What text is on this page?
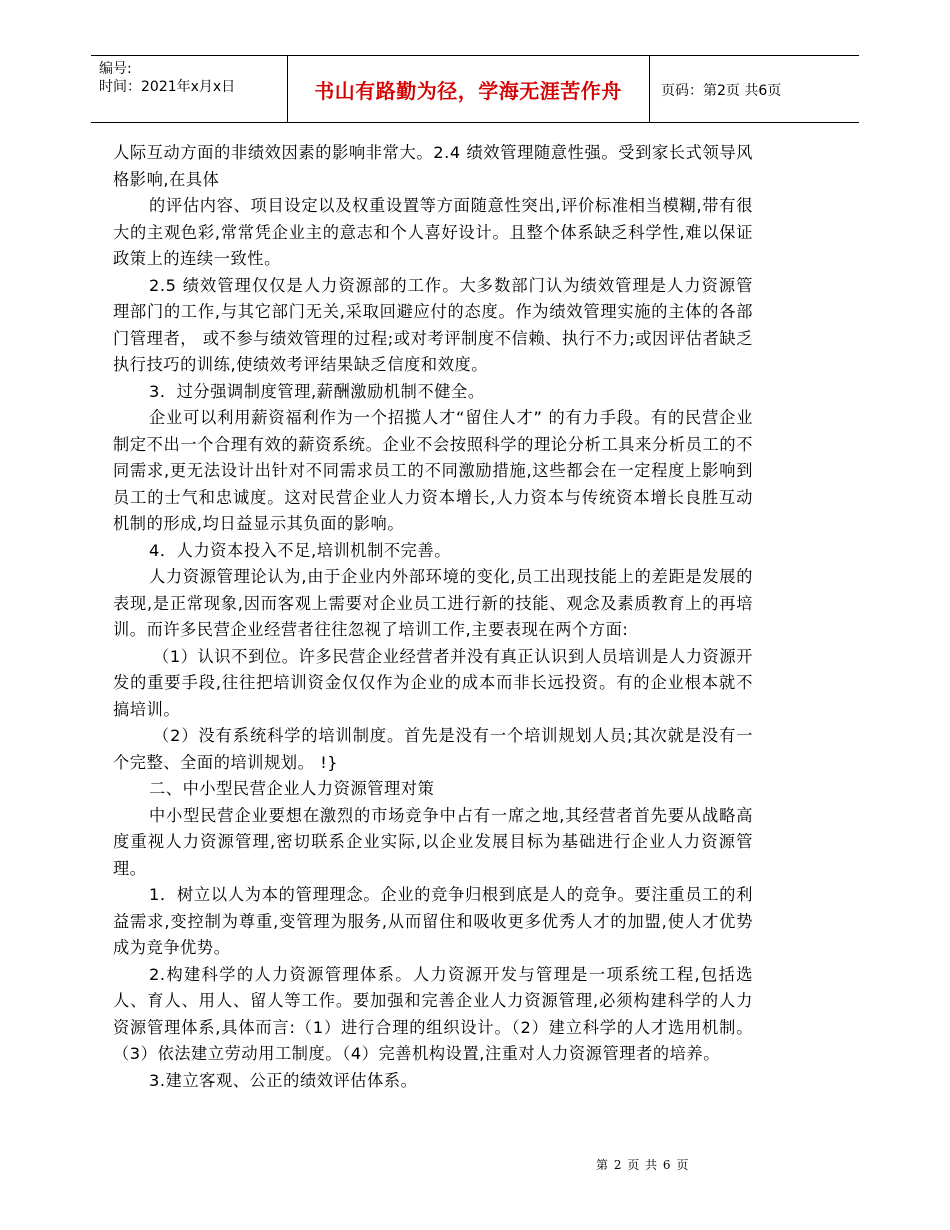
编号:
时间：2021年x月x日	书山有路勤为径，学海无涯苦作舟	页码：第2页 共6页

人际互动方面的非绩效因素的影响非常大。2.4 绩效管理随意性强。受到家长式领导风格影响,在具体

的评估内容、项目设定以及权重设置等方面随意性突出,评价标准相当模糊,带有很大的主观色彩,常常凭企业主的意志和个人喜好设计。且整个体系缺乏科学性,难以保证政策上的连续一致性。

2.5 绩效管理仅仅是人力资源部的工作。大多数部门认为绩效管理是人力资源管理部门的工作,与其它部门无关,采取回避应付的态度。作为绩效管理实施的主体的各部门管理者， 或不参与绩效管理的过程;或对考评制度不信赖、执行不力;或因评估者缺乏执行技巧的训练,使绩效考评结果缺乏信度和效度。

3．过分强调制度管理,薪酬激励机制不健全。

企业可以利用薪资福利作为一个招揽人才“留住人才” 的有力手段。有的民营企业制定不出一个合理有效的薪资系统。企业不会按照科学的理论分析工具来分析员工的不同需求,更无法设计出针对不同需求员工的不同激励措施,这些都会在一定程度上影响到员工的士气和忠诚度。这对民营企业人力资本增长,人力资本与传统资本增长良胜互动机制的形成,均日益显示其负面的影响。

4．人力资本投入不足,培训机制不完善。

人力资源管理论认为,由于企业内外部环境的变化,员工出现技能上的差距是发展的表现,是正常现象,因而客观上需要对企业员工进行新的技能、观念及素质教育上的再培训。而许多民营企业经营者往往忽视了培训工作,主要表现在两个方面:

（1）认识不到位。许多民营企业经营者并没有真正认识到人员培训是人力资源开发的重要手段,往往把培训资金仅仅作为企业的成本而非长远投资。有的企业根本就不搞培训。

（2）没有系统科学的培训制度。首先是没有一个培训规划人员;其次就是没有一个完整、全面的培训规划。 !}

二、中小型民营企业人力资源管理对策

中小型民营企业要想在激烈的市场竞争中占有一席之地,其经营者首先要从战略高度重视人力资源管理,密切联系企业实际,以企业发展目标为基础进行企业人力资源管理。

1．树立以人为本的管理理念。企业的竞争归根到底是人的竞争。要注重员工的利益需求,变控制为尊重,变管理为服务,从而留住和吸收更多优秀人才的加盟,使人才优势成为竞争优势。

2.构建科学的人力资源管理体系。人力资源开发与管理是一项系统工程,包括选人、育人、用人、留人等工作。要加强和完善企业人力资源管理,必须构建科学的人力资源管理体系,具体而言:（1）进行合理的组织设计。（2）建立科学的人才选用机制。（3）依法建立劳动用工制度。（4）完善机构设置,注重对人力资源管理者的培养。

3.建立客观、公正的绩效评估体系。

第 2 页 共 6 页
